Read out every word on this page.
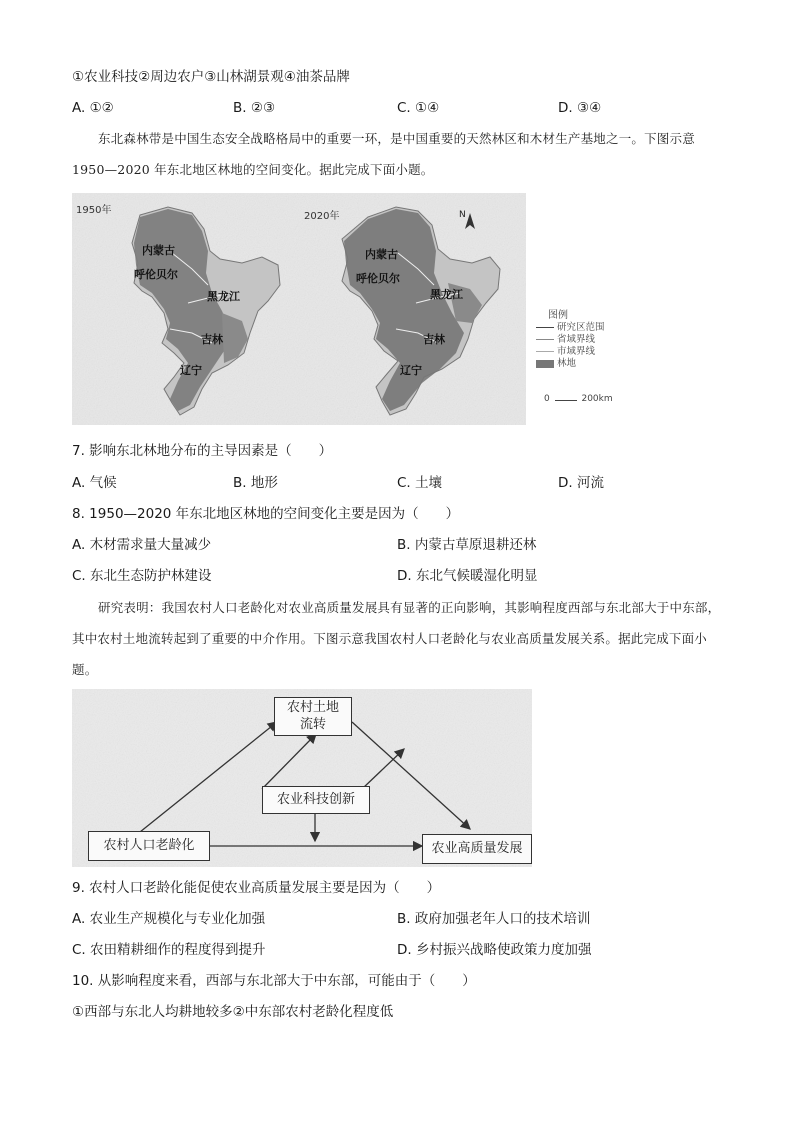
①农业科技②周边农户③山林湖景观④油茶品牌
A. ①②	B. ②③	C. ①④	D. ③④
东北森林带是中国生态安全战略格局中的重要一环，是中国重要的天然林区和木材生产基地之一。下图示意 1950—2020 年东北地区林地的空间变化。据此完成下面小题。
1950年
2020年	N
内蒙古
呼伦贝尔
黑龙江
吉林
辽宁
内蒙古
呼伦贝尔
黑龙江
吉林
辽宁
图例
研究区范围
省域界线
市域界线
林地
0	200km
7. 影响东北林地分布的主导因素是（　　）
A. 气候	B. 地形	C. 土壤	D. 河流
8. 1950—2020 年东北地区林地的空间变化主要是因为（　　）
A. 木材需求量大量减少	B. 内蒙古草原退耕还林
C. 东北生态防护林建设	D. 东北气候暖湿化明显
研究表明：我国农村人口老龄化对农业高质量发展具有显著的正向影响，其影响程度西部与东北部大于中东部，其中农村土地流转起到了重要的中介作用。下图示意我国农村人口老龄化与农业高质量发展关系。据此完成下面小题。
农村土地
流转
农业科技创新
农村人口老龄化	农业高质量发展
9. 农村人口老龄化能促使农业高质量发展主要是因为（　　）
A. 农业生产规模化与专业化加强	B. 政府加强老年人口的技术培训
C. 农田精耕细作的程度得到提升	D. 乡村振兴战略使政策力度加强
10. 从影响程度来看，西部与东北部大于中东部，可能由于（　　）
①西部与东北人均耕地较多②中东部农村老龄化程度低
